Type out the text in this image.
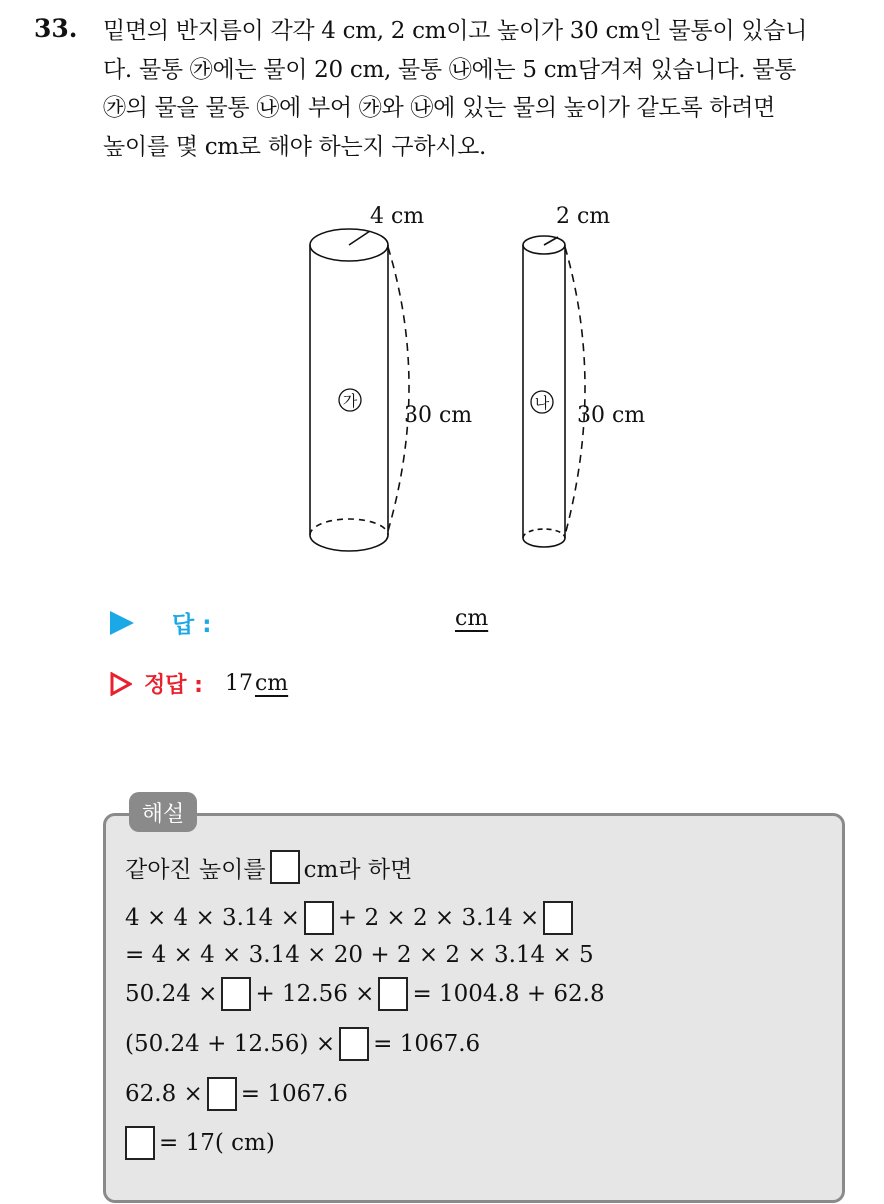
33. 밑면의 반지름이 각각 4 cm, 2 cm이고 높이가 30 cm인 물통이 있습니
다. 물통 ㉮에는 물이 20 cm, 물통 ㉯에는 5 cm담겨져 있습니다. 물통
㉮의 물을 물통 ㉯에 부어 ㉮와 ㉯에 있는 물의 높이가 같도록 하려면
높이를 몇 cm로 해야 하는지 구하시오.
4 cm
30 cm
가
2 cm
30 cm
나
답 :	cm
정답 : 17cm
해설
같아진 높이를 cm라 하면
4 × 4 × 3.14 × + 2 × 2 × 3.14 ×
= 4 × 4 × 3.14 × 20 + 2 × 2 × 3.14 × 5
50.24 × + 12.56 × = 1004.8 + 62.8
(50.24 + 12.56) × = 1067.6
62.8 × = 1067.6
= 17( cm)
